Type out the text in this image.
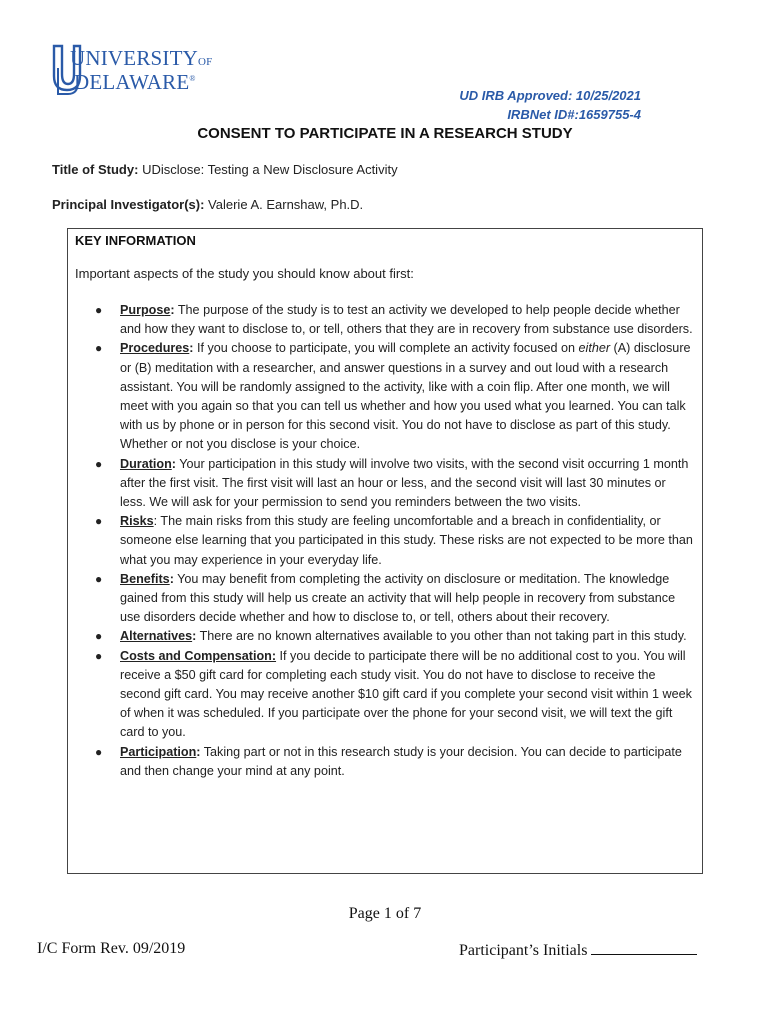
UNIVERSITYOF
DELAWARE®
UD IRB Approved: 10/25/2021
IRBNet ID#:1659755-4
CONSENT TO PARTICIPATE IN A RESEARCH STUDY
Title of Study: UDisclose: Testing a New Disclosure Activity
Principal Investigator(s): Valerie A. Earnshaw, Ph.D.
KEY INFORMATION
Important aspects of the study you should know about first:
● Purpose: The purpose of the study is to test an activity we developed to help people decide whether and how they want to disclose to, or tell, others that they are in recovery from substance use disorders.
● Procedures: If you choose to participate, you will complete an activity focused on either (A) disclosure or (B) meditation with a researcher, and answer questions in a survey and out loud with a research assistant. You will be randomly assigned to the activity, like with a coin flip. After one month, we will meet with you again so that you can tell us whether and how you used what you learned. You can talk with us by phone or in person for this second visit. You do not have to disclose as part of this study. Whether or not you disclose is your choice.
● Duration: Your participation in this study will involve two visits, with the second visit occurring 1 month after the first visit. The first visit will last an hour or less, and the second visit will last 30 minutes or less. We will ask for your permission to send you reminders between the two visits.
● Risks: The main risks from this study are feeling uncomfortable and a breach in confidentiality, or someone else learning that you participated in this study. These risks are not expected to be more than what you may experience in your everyday life.
● Benefits: You may benefit from completing the activity on disclosure or meditation. The knowledge gained from this study will help us create an activity that will help people in recovery from substance use disorders decide whether and how to disclose to, or tell, others about their recovery.
● Alternatives: There are no known alternatives available to you other than not taking part in this study.
● Costs and Compensation: If you decide to participate there will be no additional cost to you. You will receive a $50 gift card for completing each study visit. You do not have to disclose to receive the second gift card. You may receive another $10 gift card if you complete your second visit within 1 week of when it was scheduled. If you participate over the phone for your second visit, we will text the gift card to you.
● Participation: Taking part or not in this research study is your decision. You can decide to participate and then change your mind at any point.
Page 1 of 7
I/C Form Rev. 09/2019	Participant’s Initials
